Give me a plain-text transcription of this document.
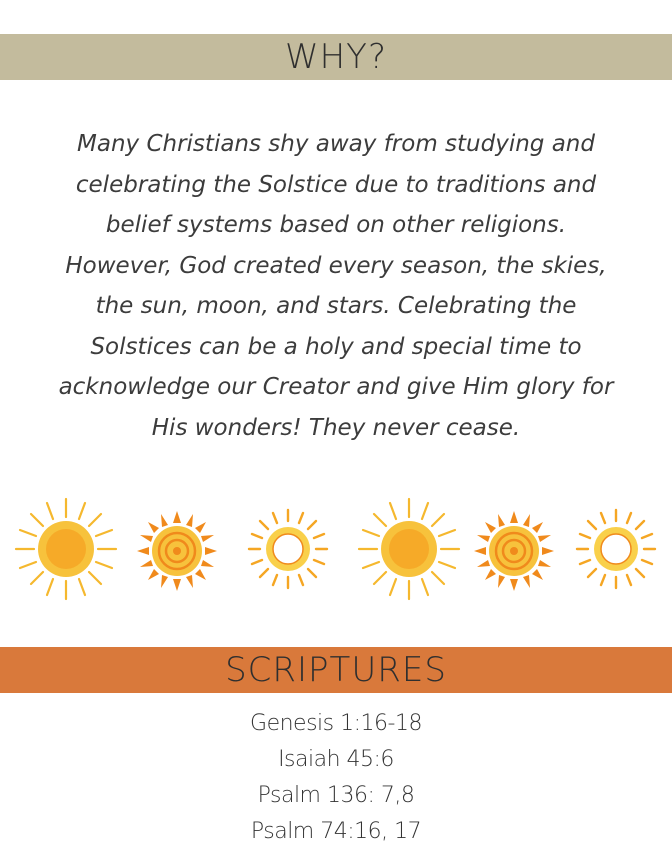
WHY?
Many Christians shy away from studying and celebrating the Solstice due to traditions and belief systems based on other religions. However, God created every season, the skies, the sun, moon, and stars. Celebrating the Solstices can be a holy and special time to acknowledge our Creator and give Him glory for His wonders! They never cease.
SCRIPTURES
Genesis 1:16-18
Isaiah 45:6
Psalm 136: 7,8
Psalm 74:16, 17
